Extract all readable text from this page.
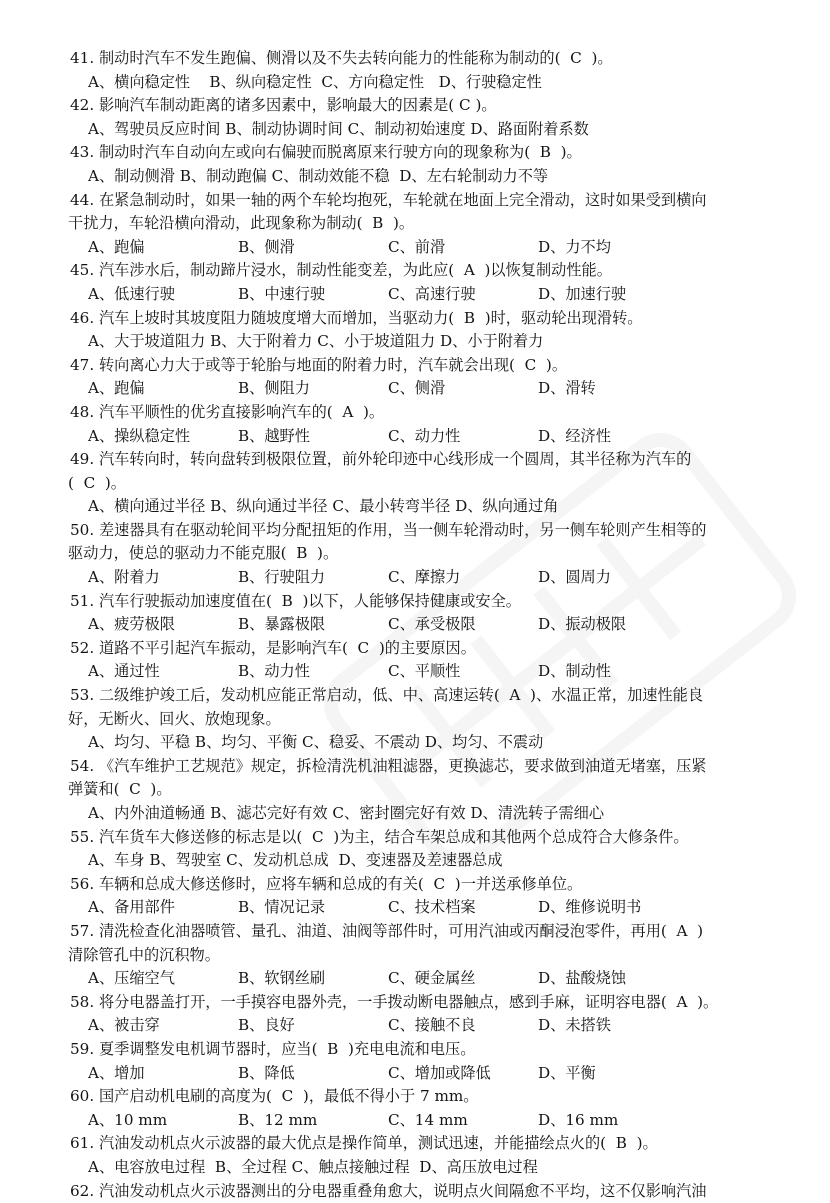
41. 制动时汽车不发生跑偏、侧滑以及不失去转向能力的性能称为制动的(  C  )。
A、横向稳定性    B、纵向稳定性  C、方向稳定性   D、行驶稳定性
42. 影响汽车制动距离的诸多因素中，影响最大的因素是( C )。
A、驾驶员反应时间 B、制动协调时间 C、制动初始速度 D、路面附着系数
43. 制动时汽车自动向左或向右偏驶而脱离原来行驶方向的现象称为(  B  )。
A、制动侧滑 B、制动跑偏 C、制动效能不稳  D、左右轮制动力不等
44. 在紧急制动时，如果一轴的两个车轮均抱死，车轮就在地面上完全滑动，这时如果受到横向
干扰力，车轮沿横向滑动，此现象称为制动(  B  )。
A、跑偏	B、侧滑	C、前滑	D、力不均
45. 汽车涉水后，制动蹄片浸水，制动性能变差，为此应(  A  )以恢复制动性能。
A、低速行驶	B、中速行驶	C、高速行驶	D、加速行驶
46. 汽车上坡时其坡度阻力随坡度增大而增加，当驱动力(  B  )时，驱动轮出现滑转。
A、大于坡道阻力 B、大于附着力 C、小于坡道阻力 D、小于附着力
47. 转向离心力大于或等于轮胎与地面的附着力时，汽车就会出现(  C  )。
A、跑偏	B、侧阻力	C、侧滑	D、滑转
48. 汽车平顺性的优劣直接影响汽车的(  A  )。
A、操纵稳定性	B、越野性	C、动力性	D、经济性
49. 汽车转向时，转向盘转到极限位置，前外轮印迹中心线形成一个圆周，其半径称为汽车的
(  C  )。
A、横向通过半径 B、纵向通过半径 C、最小转弯半径 D、纵向通过角
50. 差速器具有在驱动轮间平均分配扭矩的作用，当一侧车轮滑动时，另一侧车轮则产生相等的
驱动力，使总的驱动力不能克服(  B  )。
A、附着力	B、行驶阻力	C、摩擦力	D、圆周力
51. 汽车行驶振动加速度值在(  B  )以下，人能够保持健康或安全。
A、疲劳极限	B、暴露极限	C、承受极限	D、振动极限
52. 道路不平引起汽车振动，是影响汽车(  C  )的主要原因。
A、通过性	B、动力性	C、平顺性	D、制动性
53. 二级维护竣工后，发动机应能正常启动，低、中、高速运转(  A  )、水温正常，加速性能良
好，无断火、回火、放炮现象。
A、均匀、平稳 B、均匀、平衡 C、稳妥、不震动 D、均匀、不震动
54. 《汽车维护工艺规范》规定，拆检清洗机油粗滤器，更换滤芯，要求做到油道无堵塞，压紧
弹簧和(  C  )。
A、内外油道畅通 B、滤芯完好有效 C、密封圈完好有效 D、清洗转子需细心
55. 汽车货车大修送修的标志是以(  C  )为主，结合车架总成和其他两个总成符合大修条件。
A、车身 B、驾驶室 C、发动机总成  D、变速器及差速器总成
56. 车辆和总成大修送修时，应将车辆和总成的有关(  C  )一并送承修单位。
A、备用部件	B、情况记录	C、技术档案	D、维修说明书
57. 清洗检查化油器喷管、量孔、油道、油阀等部件时，可用汽油或丙酮浸泡零件，再用(  A  )
清除管孔中的沉积物。
A、压缩空气	B、软钢丝刷	C、硬金属丝	D、盐酸烧蚀
58. 将分电器盖打开，一手摸容电器外壳，一手拨动断电器触点，感到手麻，证明容电器(  A  )。
A、被击穿	B、良好	C、接触不良	D、未搭铁
59. 夏季调整发电机调节器时，应当(  B  )充电电流和电压。
A、增加	B、降低	C、增加或降低	D、平衡
60. 国产启动机电刷的高度为(  C  )，最低不得小于 7 mm。
A、10 mm	B、12 mm	C、14 mm	D、16 mm
61. 汽油发动机点火示波器的最大优点是操作简单，测试迅速，并能描绘点火的(  B  )。
A、电容放电过程  B、全过程 C、触点接触过程  D、高压放电过程
62. 汽油发动机点火示波器测出的分电器重叠角愈大，说明点火间隔愈不平均，这不仅影响汽油
